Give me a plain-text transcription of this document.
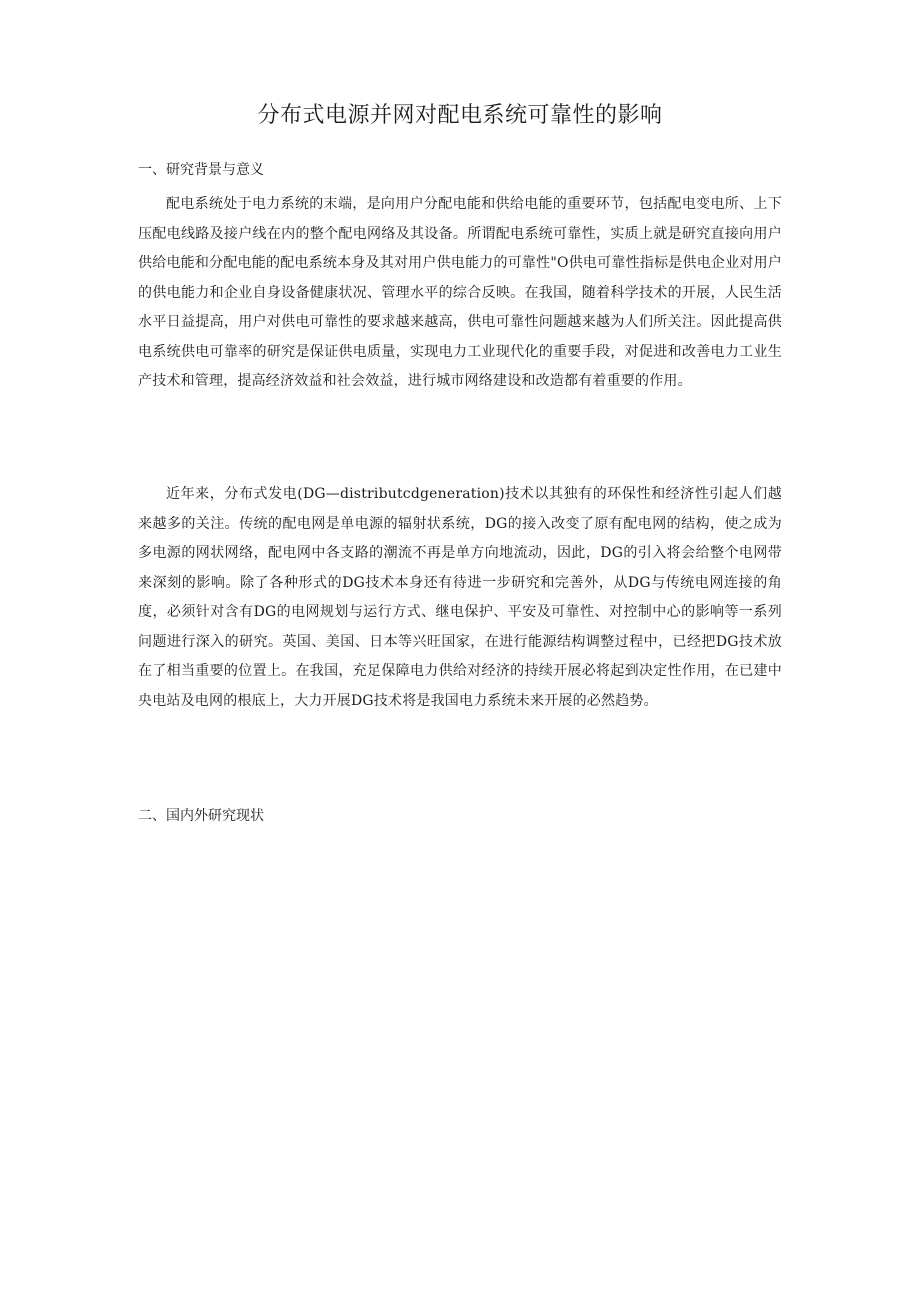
分布式电源并网对配电系统可靠性的影响
一、研究背景与意义

配电系统处于电力系统的末端，是向用户分配电能和供给电能的重要环节，包括配电变电所、上下压配电线路及接户线在内的整个配电网络及其设备。所谓配电系统可靠性，实质上就是研究直接向用户供给电能和分配电能的配电系统本身及其对用户供电能力的可靠性"O供电可靠性指标是供电企业对用户的供电能力和企业自身设备健康状况、管理水平的综合反映。在我国，随着科学技术的开展，人民生活水平日益提高，用户对供电可靠性的要求越来越高，供电可靠性问题越来越为人们所关注。因此提高供电系统供电可靠率的研究是保证供电质量，实现电力工业现代化的重要手段，对促进和改善电力工业生产技术和管理，提高经济效益和社会效益，进行城市网络建设和改造都有着重要的作用。

近年来，分布式发电(DG—distributcdgeneration)技术以其独有的环保性和经济性引起人们越来越多的关注。传统的配电网是单电源的辐射状系统，DG的接入改变了原有配电网的结构，使之成为多电源的网状网络，配电网中各支路的潮流不再是单方向地流动，因此，DG的引入将会给整个电网带来深刻的影响。除了各种形式的DG技术本身还有待进一步研究和完善外，从DG与传统电网连接的角度，必须针对含有DG的电网规划与运行方式、继电保护、平安及可靠性、对控制中心的影响等一系列问题进行深入的研究。英国、美国、日本等兴旺国家，在进行能源结构调整过程中，已经把DG技术放在了相当重要的位置上。在我国，充足保障电力供给对经济的持续开展必将起到决定性作用，在已建中央电站及电网的根底上，大力开展DG技术将是我国电力系统未来开展的必然趋势。

二、国内外研究现状
